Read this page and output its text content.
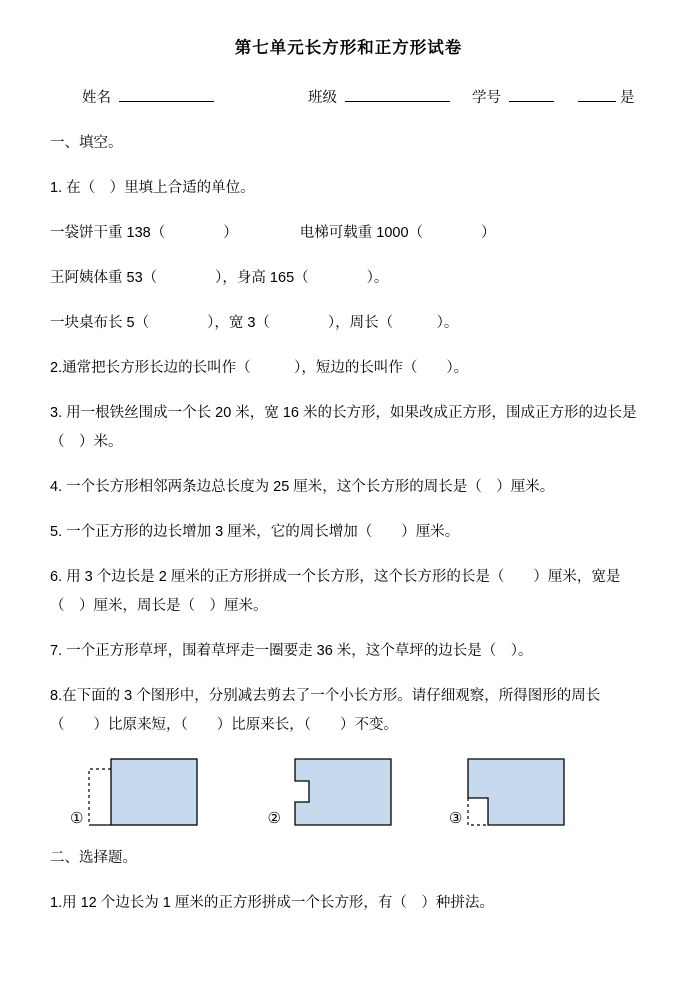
第七单元长方形和正方形试卷
姓名	班级	学号	是

一、填空。

1. 在（　）里填上合适的单位。

一袋饼干重 138（　　　　）	电梯可载重 1000（　　　　）

王阿姨体重 53（　　　　），身高 165（　　　　）。

一块桌布长 5（　　　　），宽 3（　　　　），周长（　　　）。

2.通常把长方形长边的长叫作（　　　），短边的长叫作（　　）。

3. 用一根铁丝围成一个长 20 米，宽 16 米的长方形，如果改成正方形，围成正方形的边长是（　）米。

4. 一个长方形相邻两条边总长度为 25 厘米，这个长方形的周长是（　）厘米。

5. 一个正方形的边长增加 3 厘米，它的周长增加（　　）厘米。

6. 用 3 个边长是 2 厘米的正方形拼成一个长方形，这个长方形的长是（　　）厘米，宽是（　）厘米，周长是（　）厘米。

7. 一个正方形草坪，围着草坪走一圈要走 36 米，这个草坪的边长是（　）。

8.在下面的 3 个图形中，分别减去剪去了一个小长方形。请仔细观察，所得图形的周长（　　）比原来短，（　　）比原来长，（　　）不变。

①	②	③

二、选择题。

1.用 12 个边长为 1 厘米的正方形拼成一个长方形，有（　）种拼法。
